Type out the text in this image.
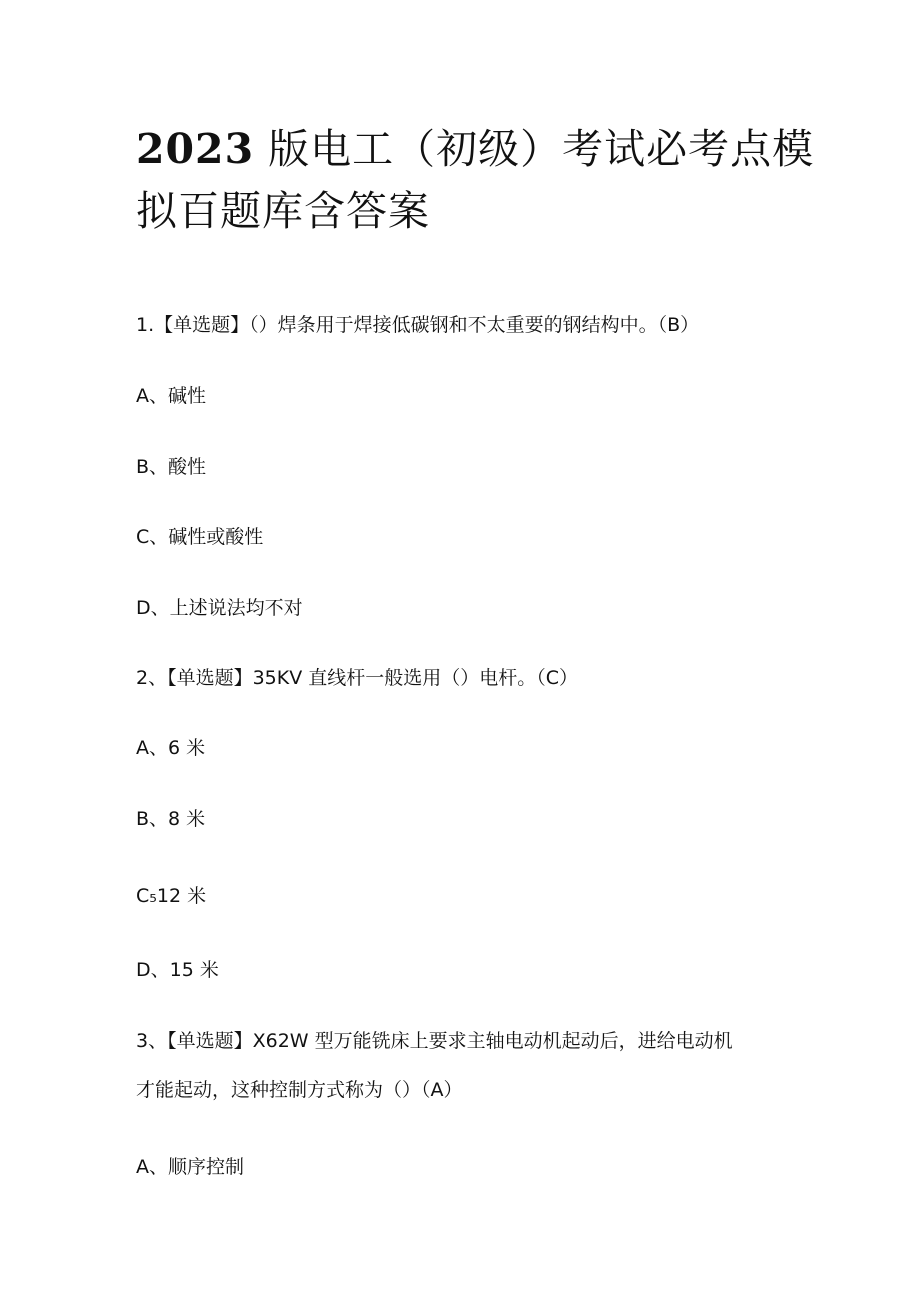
2023 版电工（初级）考试必考点模
拟百题库含答案
1.【单选题】（）焊条用于焊接低碳钢和不太重要的钢结构中。（B）
A、碱性
B、酸性
C、碱性或酸性
D、上述说法均不对
2、【单选题】35KV 直线杆一般选用（）电杆。（C）
A、6 米
B、8 米
C₅12 米
D、15 米
3、【单选题】X62W 型万能铣床上要求主轴电动机起动后，进给电动机
才能起动，这种控制方式称为（）（A）
A、顺序控制
